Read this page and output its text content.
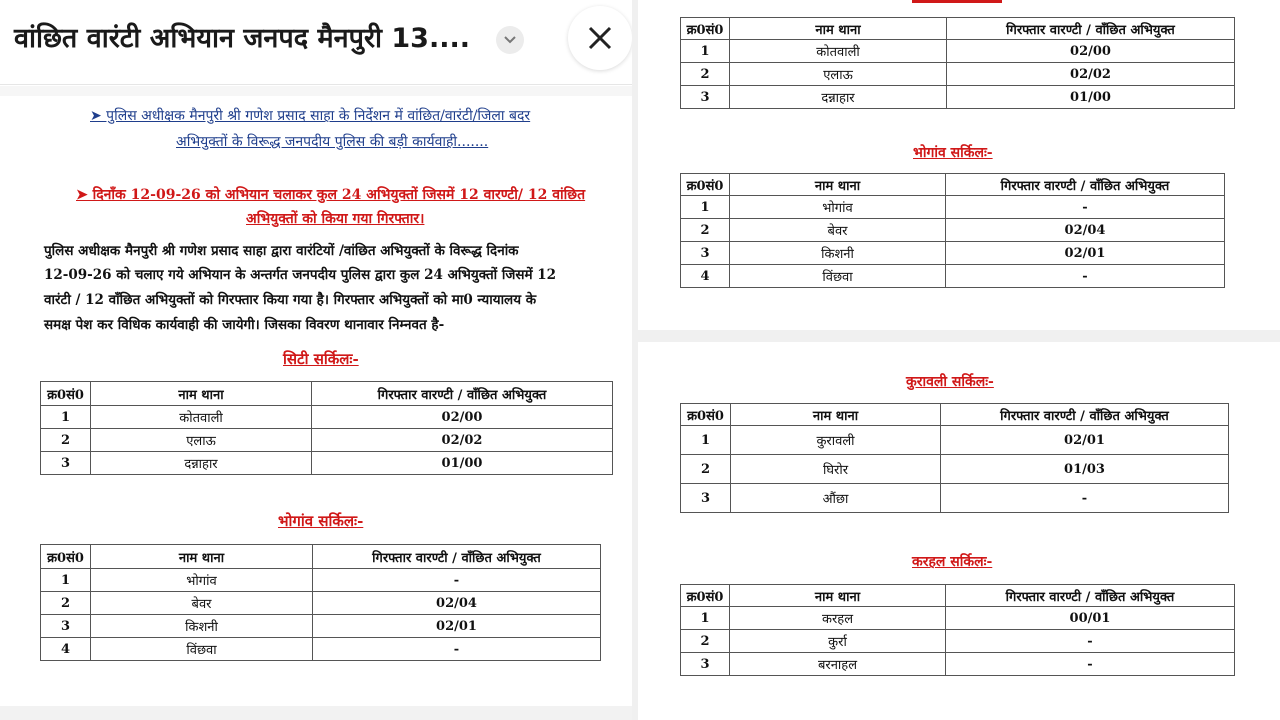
वांछित वारंटी अभियान जनपद मैनपुरी 13....
➤ पुलिस अधीक्षक मैनपुरी श्री गणेश प्रसाद साहा के निर्देशन में वांछित/वारंटी/जिला बदर
अभियुक्तों के विरूद्ध जनपदीय पुलिस की बड़ी कार्यवाही.......
➤ दिनाँक 12-09-26 को अभियान चलाकर कुल 24 अभियुक्तों जिसमें 12 वारण्टी/ 12 वांछित
अभियुक्तों को किया गया गिरफ्तार।
पुलिस अधीक्षक मैनपुरी श्री गणेश प्रसाद साहा द्वारा वारंटियों /वांछित अभियुक्तों के विरूद्ध दिनांक
12-09-26 को चलाए गये अभियान के अन्तर्गत जनपदीय पुलिस द्वारा कुल 24 अभियुक्तों जिसमें 12
वारंटी / 12 वाँछित अभियुक्तों को गिरफ्तार किया गया है। गिरफ्तार अभियुक्तों को मा0 न्यायालय के
समक्ष पेश कर विधिक कार्यवाही की जायेगी। जिसका विवरण थानावार निम्नवत है-
सिटी सर्किलः-
क्र0सं0	नाम थाना	गिरफ्तार वारण्टी / वाँछित अभियुक्त
1	कोतवाली	02/00
2	एलाऊ	02/02
3	दन्नाहार	01/00
भोगांव सर्किलः-
क्र0सं0	नाम थाना	गिरफ्तार वारण्टी / वाँछित अभियुक्त
1	भोगांव	-
2	बेवर	02/04
3	किशनी	02/01
4	विंछवा	-
क्र0सं0	नाम थाना	गिरफ्तार वारण्टी / वाँछित अभियुक्त
1	कोतवाली	02/00
2	एलाऊ	02/02
3	दन्नाहार	01/00
भोगांव सर्किलः-
क्र0सं0	नाम थाना	गिरफ्तार वारण्टी / वाँछित अभियुक्त
1	भोगांव	-
2	बेवर	02/04
3	किशनी	02/01
4	विंछवा	-
कुरावली सर्किलः-
क्र0सं0	नाम थाना	गिरफ्तार वारण्टी / वाँछित अभियुक्त
1	कुरावली	02/01
2	घिरोर	01/03
3	औंछा	-
करहल सर्किलः-
क्र0सं0	नाम थाना	गिरफ्तार वारण्टी / वाँछित अभियुक्त
1	करहल	00/01
2	कुर्रा	-
3	बरनाहल	-
